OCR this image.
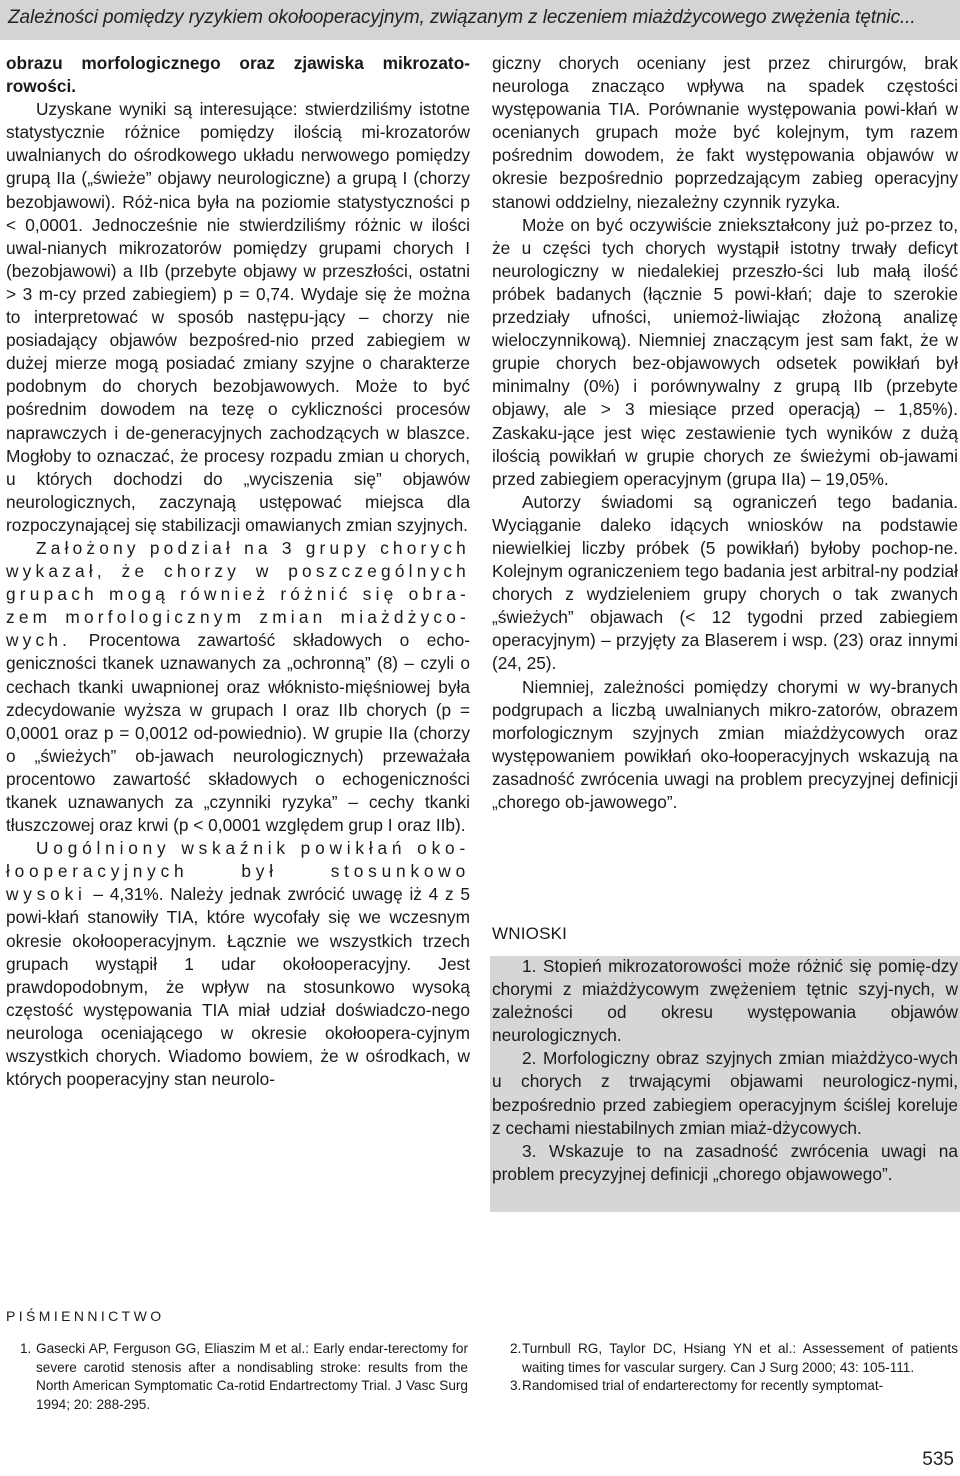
Zależności pomiędzy ryzykiem okołooperacyjnym, związanym z leczeniem miażdżycowego zwężenia tętnic...

obrazu morfologicznego oraz zjawiska mikrozato-rowości.

Uzyskane wyniki są interesujące: stwierdziliśmy istotne statystycznie różnice pomiędzy ilością mi-krozatorów uwalnianych do ośrodkowego układu nerwowego pomiędzy grupą IIa („świeże” objawy neurologiczne) a grupą I (chorzy bezobjawowi). Róż-nica była na poziomie statystyczności p < 0,0001. Jednocześnie nie stwierdziliśmy różnic w ilości uwal-nianych mikrozatorów pomiędzy grupami chorych I (bezobjawowi) a IIb (przebyte objawy w przeszłości, ostatni > 3 m-cy przed zabiegiem) p = 0,74. Wydaje się że można to interpretować w sposób następu-jący – chorzy nie posiadający objawów bezpośred-nio przed zabiegiem w dużej mierze mogą posiadać zmiany szyjne o charakterze podobnym do chorych bezobjawowych. Może to być pośrednim dowodem na tezę o cykliczności procesów naprawczych i de-generacyjnych zachodzących w blaszce. Mogłoby to oznaczać, że procesy rozpadu zmian u chorych, u których dochodzi do „wyciszenia się” objawów neurologicznych, zaczynają ustępować miejsca dla rozpoczynającej się stabilizacji omawianych zmian szyjnych.

Założony podział na 3 grupy chorych wykazał, że chorzy w poszczególnych grupach mogą również różnić się obra-zem morfologicznym zmian miażdżyco-wych. Procentowa zawartość składowych o echo-geniczności tkanek uznawanych za „ochronną” (8) – czyli o cechach tkanki uwapnionej oraz włóknisto-mięśniowej była zdecydowanie wyższa w grupach I oraz IIb chorych (p = 0,0001 oraz p = 0,0012 od-powiednio). W grupie IIa (chorzy o „świeżych” ob-jawach neurologicznych) przeważała procentowo zawartość składowych o echogeniczności tkanek uznawanych za „czynniki ryzyka” – cechy tkanki tłuszczowej oraz krwi (p < 0,0001 względem grup I oraz IIb).

Uogólniony wskaźnik powikłań oko-łooperacyjnych był stosunkowo wysoki – 4,31%. Należy jednak zwrócić uwagę iż 4 z 5 powi-kłań stanowiły TIA, które wycofały się we wczesnym okresie okołooperacyjnym. Łącznie we wszystkich trzech grupach wystąpił 1 udar okołooperacyjny. Jest prawdopodobnym, że wpływ na stosunkowo wysoką częstość występowania TIA miał udział doświadczo-nego neurologa oceniającego w okresie okołoopera-cyjnym wszystkich chorych. Wiadomo bowiem, że w ośrodkach, w których pooperacyjny stan neurolo-

giczny chorych oceniany jest przez chirurgów, brak neurologa znacząco wpływa na spadek częstości występowania TIA. Porównanie występowania powi-kłań w ocenianych grupach może być kolejnym, tym razem pośrednim dowodem, że fakt występowania objawów w okresie bezpośrednio poprzedzającym zabieg operacyjny stanowi oddzielny, niezależny czynnik ryzyka.

Może on być oczywiście zniekształcony już po-przez to, że u części tych chorych wystąpił istotny trwały deficyt neurologiczny w niedalekiej przeszło-ści lub małą ilość próbek badanych (łącznie 5 powi-kłań; daje to szerokie przedziały ufności, uniemoż-liwiając złożoną analizę wieloczynnikową). Niemniej znaczącym jest sam fakt, że w grupie chorych bez-objawowych odsetek powikłań był minimalny (0%) i porównywalny z grupą IIb (przebyte objawy, ale > 3 miesiące przed operacją) – 1,85%). Zaskaku-jące jest więc zestawienie tych wyników z dużą ilością powikłań w grupie chorych ze świeżymi ob-jawami przed zabiegiem operacyjnym (grupa IIa) – 19,05%.

Autorzy świadomi są ograniczeń tego badania. Wyciąganie daleko idących wniosków na podstawie niewielkiej liczby próbek (5 powikłań) byłoby pochop-ne. Kolejnym ograniczeniem tego badania jest arbitral-ny podział chorych z wydzieleniem grupy chorych o tak zwanych „świeżych” objawach (< 12 tygodni przed zabiegiem operacyjnym) – przyjęty za Blaserem i wsp. (23) oraz innymi (24, 25).

Niemniej, zależności pomiędzy chorymi w wy-branych podgrupach a liczbą uwalnianych mikro-zatorów, obrazem morfologicznym szyjnych zmian miażdżycowych oraz występowaniem powikłań oko-łooperacyjnych wskazują na zasadność zwrócenia uwagi na problem precyzyjnej definicji „chorego ob-jawowego”.

WNIOSKI

1. Stopień mikrozatorowości może różnić się pomię-dzy chorymi z miażdżycowym zwężeniem tętnic szyj-nych, w zależności od okresu występowania objawów neurologicznych.

2. Morfologiczny obraz szyjnych zmian miażdżyco-wych u chorych z trwającymi objawami neurologicz-nymi, bezpośrednio przed zabiegiem operacyjnym ściślej koreluje z cechami niestabilnych zmian miaż-dżycowych.

3. Wskazuje to na zasadność zwrócenia uwagi na problem precyzyjnej definicji „chorego objawowego”.

PIŚMIENNICTWO
1. Gasecki AP, Ferguson GG, Eliaszim M et al.: Early endar-terectomy for severe carotid stenosis after a nondisabling stroke: results from the North American Symptomatic Ca-rotid Endartrectomy Trial. J Vasc Surg 1994; 20: 288-295.
2. Turnbull RG, Taylor DC, Hsiang YN et al.: Assessement of patients waiting times for vascular surgery. Can J Surg 2000; 43: 105-111.
3. Randomised trial of endarterectomy for recently symptomat-
535
